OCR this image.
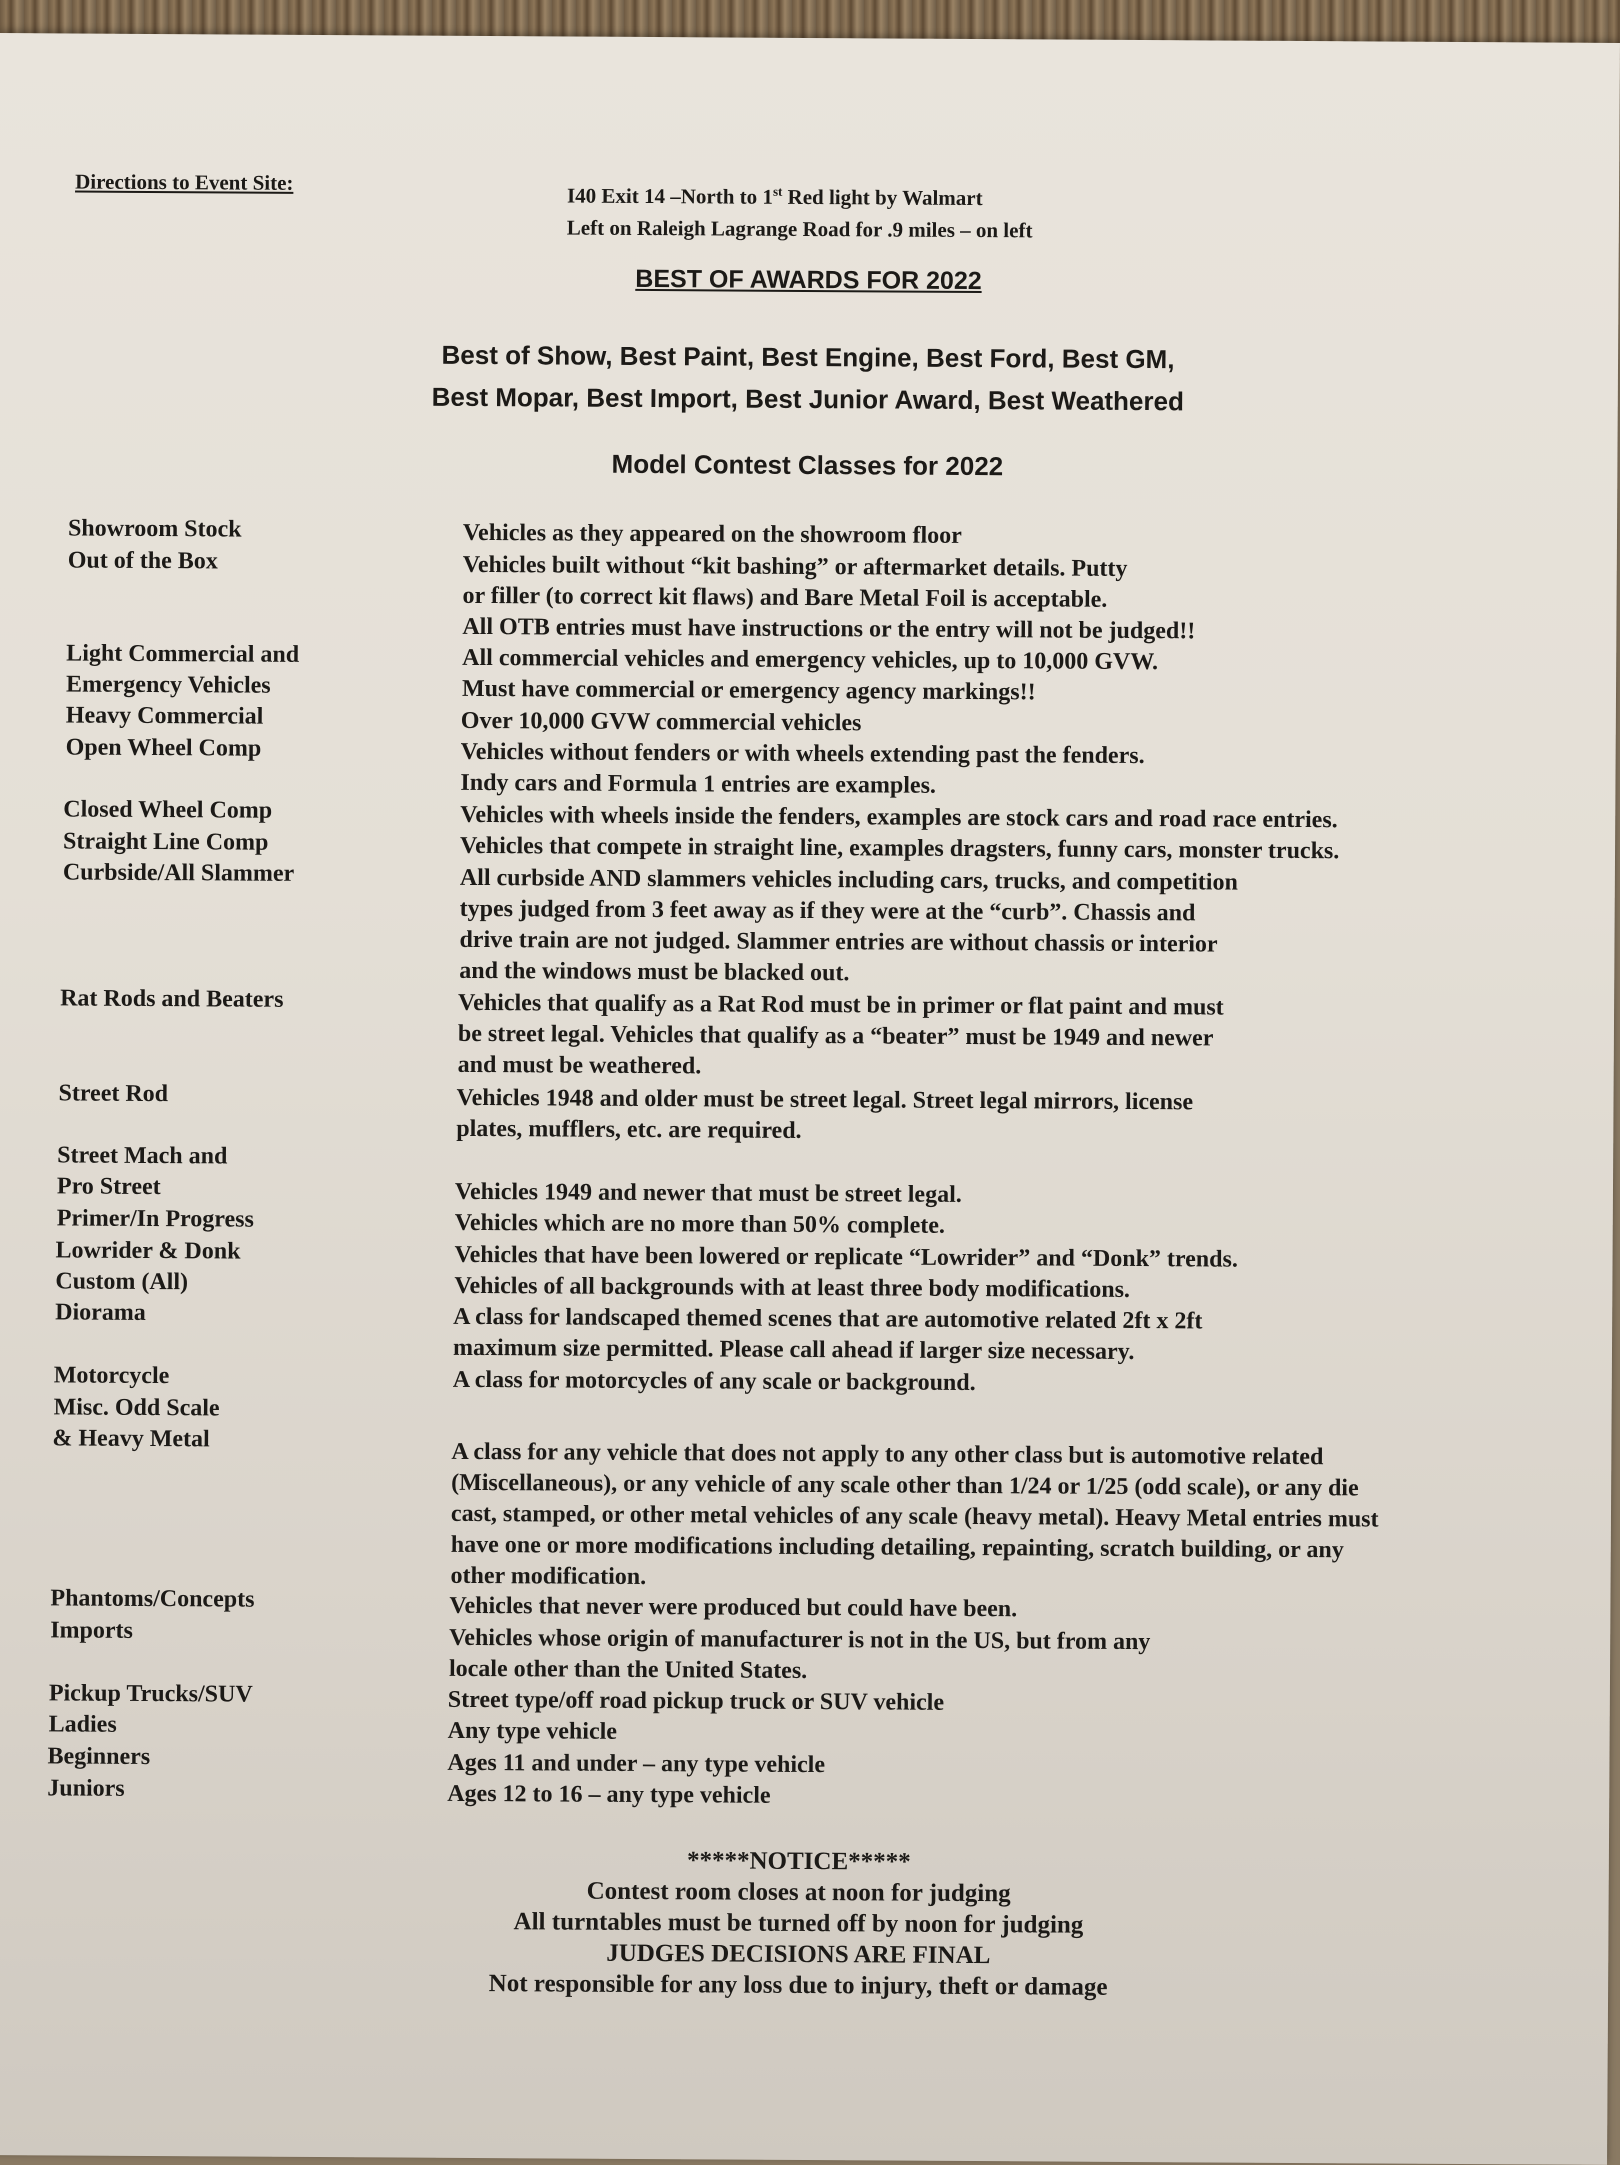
Directions to Event Site:
I40 Exit 14 –North to 1st Red light by Walmart
Left on Raleigh Lagrange Road for .9 miles – on left
BEST OF AWARDS FOR 2022
Best of Show, Best Paint, Best Engine, Best Ford, Best GM,
Best Mopar, Best Import, Best Junior Award, Best Weathered
Model Contest Classes for 2022
Showroom Stock
Out of the Box
Light Commercial and
Emergency Vehicles
Heavy Commercial
Open Wheel Comp
Closed Wheel Comp
Straight Line Comp
Curbside/All Slammer
Rat Rods and Beaters
Street Rod
Street Mach and
Pro Street
Primer/In Progress
Lowrider & Donk
Custom (All)
Diorama
Motorcycle
Misc. Odd Scale
& Heavy Metal
Phantoms/Concepts
Imports
Pickup Trucks/SUV
Ladies
Beginners
Juniors
Vehicles as they appeared on the showroom floor
Vehicles built without “kit bashing” or aftermarket details. Putty
or filler (to correct kit flaws) and Bare Metal Foil is acceptable.
All OTB entries must have instructions or the entry will not be judged!!
All commercial vehicles and emergency vehicles, up to 10,000 GVW.
Must have commercial or emergency agency markings!!
Over 10,000 GVW commercial vehicles
Vehicles without fenders or with wheels extending past the fenders.
Indy cars and Formula 1 entries are examples.
Vehicles with wheels inside the fenders, examples are stock cars and road race entries.
Vehicles that compete in straight line, examples dragsters, funny cars, monster trucks.
All curbside AND slammers vehicles including cars, trucks, and competition
types judged from 3 feet away as if they were at the “curb”. Chassis and
drive train are not judged. Slammer entries are without chassis or interior
and the windows must be blacked out.
Vehicles that qualify as a Rat Rod must be in primer or flat paint and must
be street legal. Vehicles that qualify as a “beater” must be 1949 and newer
and must be weathered.
Vehicles 1948 and older must be street legal. Street legal mirrors, license
plates, mufflers, etc. are required.
Vehicles 1949 and newer that must be street legal.
Vehicles which are no more than 50% complete.
Vehicles that have been lowered or replicate “Lowrider” and “Donk” trends.
Vehicles of all backgrounds with at least three body modifications.
A class for landscaped themed scenes that are automotive related 2ft x 2ft
maximum size permitted. Please call ahead if larger size necessary.
A class for motorcycles of any scale or background.
A class for any vehicle that does not apply to any other class but is automotive related
(Miscellaneous), or any vehicle of any scale other than 1/24 or 1/25 (odd scale), or any die
cast, stamped, or other metal vehicles of any scale (heavy metal). Heavy Metal entries must
have one or more modifications including detailing, repainting, scratch building, or any
other modification.
Vehicles that never were produced but could have been.
Vehicles whose origin of manufacturer is not in the US, but from any
locale other than the United States.
Street type/off road pickup truck or SUV vehicle
Any type vehicle
Ages 11 and under – any type vehicle
Ages 12 to 16 – any type vehicle
*****NOTICE*****
Contest room closes at noon for judging
All turntables must be turned off by noon for judging
JUDGES DECISIONS ARE FINAL
Not responsible for any loss due to injury, theft or damage
